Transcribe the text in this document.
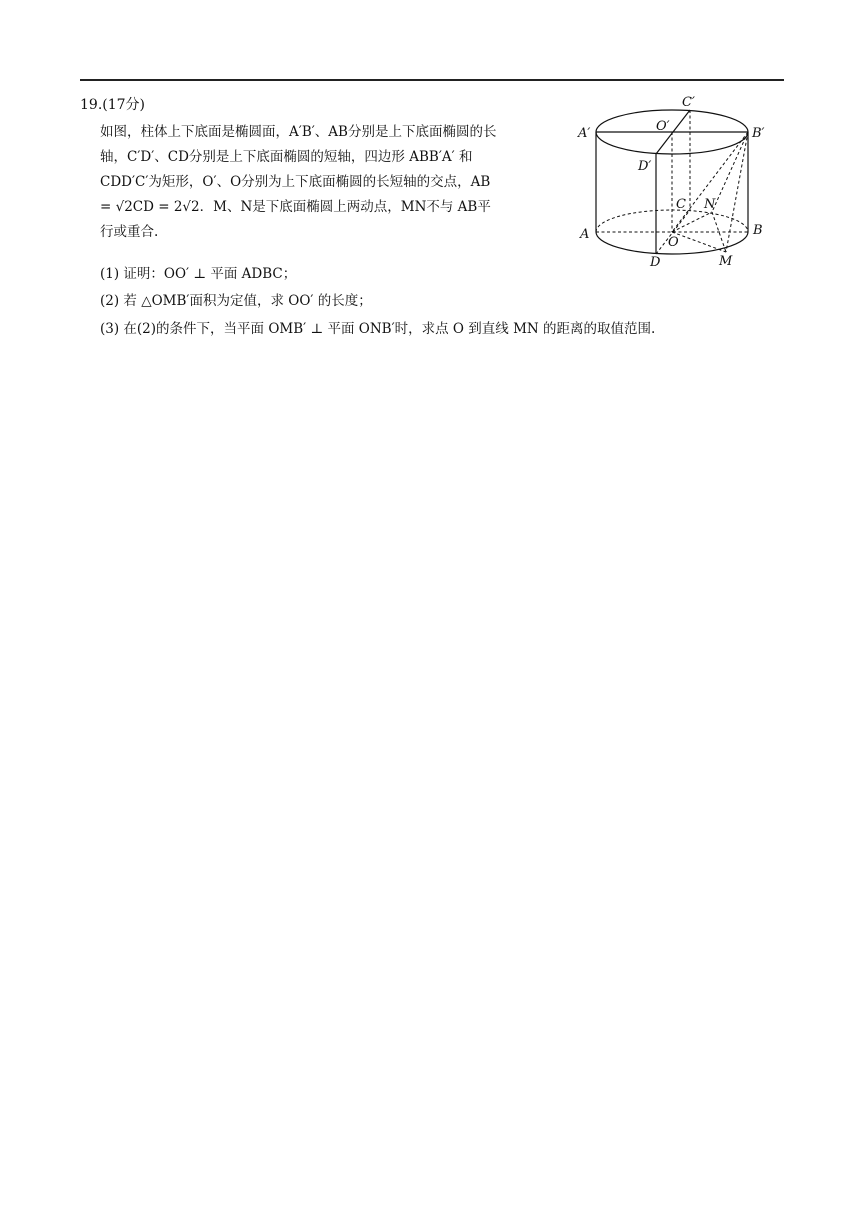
19.(17分)
如图，柱体上下底面是椭圆面，A′B′、AB分别是上下底面椭圆的长
轴，C′D′、CD分别是上下底面椭圆的短轴，四边形 ABB′A′ 和
CDD′C′为矩形，O′、O分别为上下底面椭圆的长短轴的交点，AB
= √2CD = 2√2．M、N是下底面椭圆上两动点，MN不与 AB平
行或重合.
(1) 证明：OO′ ⊥ 平面 ADBC；
(2) 若 △OMB′面积为定值，求 OO′ 的长度；
(3) 在(2)的条件下，当平面 OMB′ ⊥ 平面 ONB′时，求点 O 到直线 MN 的距离的取值范围.
C′
A′	O′	B′
D′
C N
A
O
B
D	M
